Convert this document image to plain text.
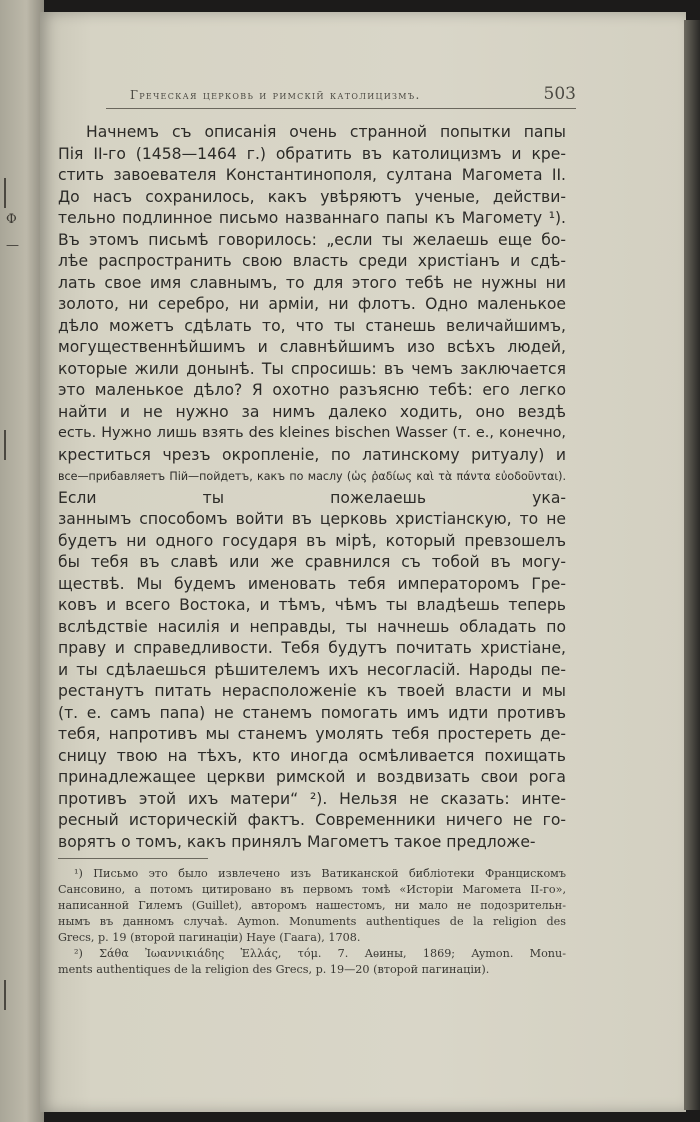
Ф
—
Греческая церковь и римскій католицизмъ.	503
Начнемъ съ описанія очень странной попытки папы
Пія II-го (1458—1464 г.) обратить въ католицизмъ и кре-
стить завоевателя Константинополя, султана Магомета II.
До насъ сохранилось, какъ увѣряютъ ученые, действи-
тельно подлинное письмо названнаго папы къ Магомету ¹).
Въ этомъ письмѣ говорилось: „если ты желаешь еще бо-
лѣе распространить свою власть среди христіанъ и сдѣ-
лать свое имя славнымъ, то для этого тебѣ не нужны ни
золото, ни серебро, ни арміи, ни флотъ. Одно маленькое
дѣло можетъ сдѣлать то, что ты станешь величайшимъ,
могущественнѣйшимъ и славнѣйшимъ изо всѣхъ людей,
которые жили донынѣ. Ты спросишь: въ чемъ заключается
это маленькое дѣло? Я охотно разъясню тебѣ: его легко
найти и не нужно за нимъ далеко ходить, оно вездѣ
есть. Нужно лишь взять des kleines bischen Wasser (т. е., конечно,
креститься чрезъ окропленіе, по латинскому ритуалу) и
все—прибавляетъ Пій—пойдетъ, какъ по маслу (ὡς ῥαδίως καὶ τὰ πάντα εὐοδοῦνται).
Если ты пожелаешь ука-
заннымъ способомъ войти въ церковь христіанскую, то не
будетъ ни одного государя въ мірѣ, который превзошелъ
бы тебя въ славѣ или же сравнился съ тобой въ могу-
ществѣ. Мы будемъ именовать тебя императоромъ Гре-
ковъ и всего Востока, и тѣмъ, чѣмъ ты владѣешь теперь
вслѣдствіе насилія и неправды, ты начнешь обладать по
праву и справедливости. Тебя будутъ почитать христіане,
и ты сдѣлаешься рѣшителемъ ихъ несогласій. Народы пе-
рестанутъ питать нерасположеніе къ твоей власти и мы
(т. е. самъ папа) не станемъ помогать имъ идти противъ
тебя, напротивъ мы станемъ умолять тебя простереть де-
сницу твою на тѣхъ, кто иногда осмѣливается похищать
принадлежащее церкви римской и воздвизать свои рога
противъ этой ихъ матери“ ²). Нельзя не сказать: инте-
ресный историческій фактъ. Современники ничего не го-
ворятъ о томъ, какъ принялъ Магометъ такое предложе-
¹) Письмо это было извлечено изъ Ватиканской библіотеки Францискомъ
Сансовино, а потомъ цитировано въ первомъ томѣ «Исторіи Магомета II-го»,
написанной Гилемъ (Guillet), авторомъ нашестомъ, ни мало не подозрительн-
нымъ въ данномъ случаѣ. Aymon. Monuments authentiques de la religion des
Grecs, p. 19 (второй пагинаціи) Haye (Гаага), 1708.
²) Σάθα Ἰωαννικιάδης Ἑλλάς, τόμ. 7. Аѳины, 1869; Aymon. Monu-
ments authentiques de la religion des Grecs, p. 19—20 (второй пагинаціи).
